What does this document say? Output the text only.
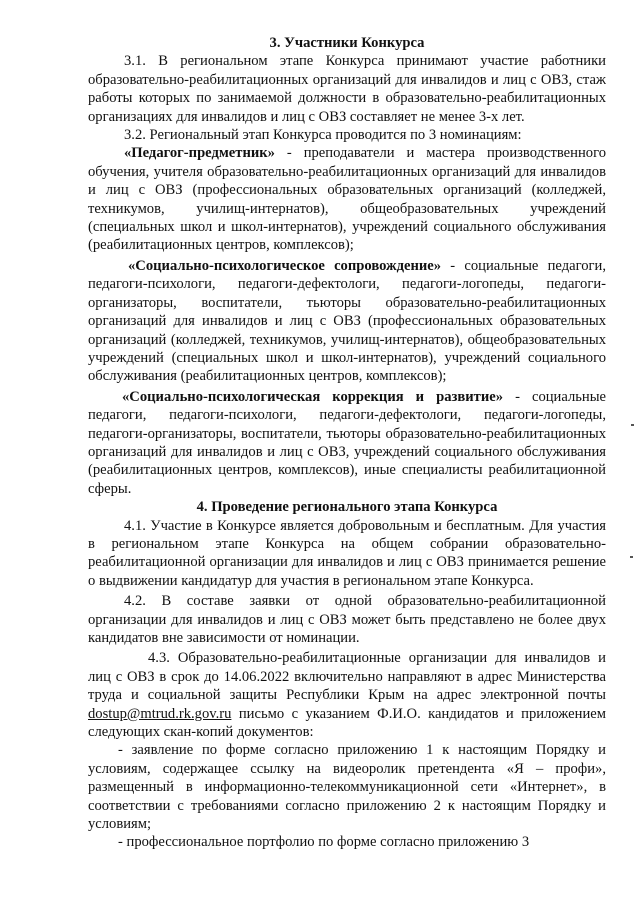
3. Участники Конкурса

3.1. В региональном этапе Конкурса принимают участие работники образовательно-реабилитационных организаций для инвалидов и лиц с ОВЗ, стаж работы которых по занимаемой должности в образовательно-реабилитационных организациях для инвалидов и лиц с ОВЗ составляет не менее 3-х лет.

3.2. Региональный этап Конкурса проводится по 3 номинациям:

«Педагог-предметник» - преподаватели и мастера производственного обучения, учителя образовательно-реабилитационных организаций для инвалидов и лиц с ОВЗ (профессиональных образовательных организаций (колледжей, техникумов, училищ-интернатов), общеобразовательных учреждений (специальных школ и школ-интернатов), учреждений социального обслуживания (реабилитационных центров, комплексов);

«Социально-психологическое сопровождение» - социальные педагоги, педагоги-психологи, педагоги-дефектологи, педагоги-логопеды, педагоги-организаторы, воспитатели, тьюторы образовательно-реабилитационных организаций для инвалидов и лиц с ОВЗ (профессиональных образовательных организаций (колледжей, техникумов, училищ-интернатов), общеобразовательных учреждений (специальных школ и школ-интернатов), учреждений социального обслуживания (реабилитационных центров, комплексов);

«Социально-психологическая коррекция и развитие» - социальные педагоги, педагоги-психологи, педагоги-дефектологи, педагоги-логопеды, педагоги-организаторы, воспитатели, тьюторы образовательно-реабилитационных организаций для инвалидов и лиц с ОВЗ, учреждений социального обслуживания (реабилитационных центров, комплексов), иные специалисты реабилитационной сферы.

4. Проведение регионального этапа Конкурса

4.1. Участие в Конкурсе является добровольным и бесплатным. Для участия в региональном этапе Конкурса на общем собрании образовательно-реабилитационной организации для инвалидов и лиц с ОВЗ принимается решение о выдвижении кандидатур для участия в региональном этапе Конкурса.

4.2. В составе заявки от одной образовательно-реабилитационной организации для инвалидов и лиц с ОВЗ может быть представлено не более двух кандидатов вне зависимости от номинации.

4.3. Образовательно-реабилитационные организации для инвалидов и лиц с ОВЗ в срок до 14.06.2022 включительно направляют в адрес Министерства труда и социальной защиты Республики Крым на адрес электронной почты dostup@mtrud.rk.gov.ru письмо с указанием Ф.И.О. кандидатов и приложением следующих скан-копий документов:

- заявление по форме согласно приложению 1 к настоящим Порядку и условиям, содержащее ссылку на видеоролик претендента «Я – профи», размещенный в информационно-телекоммуникационной сети «Интернет», в соответствии с требованиями согласно приложению 2 к настоящим Порядку и условиям;

- профессиональное портфолио по форме согласно приложению 3
